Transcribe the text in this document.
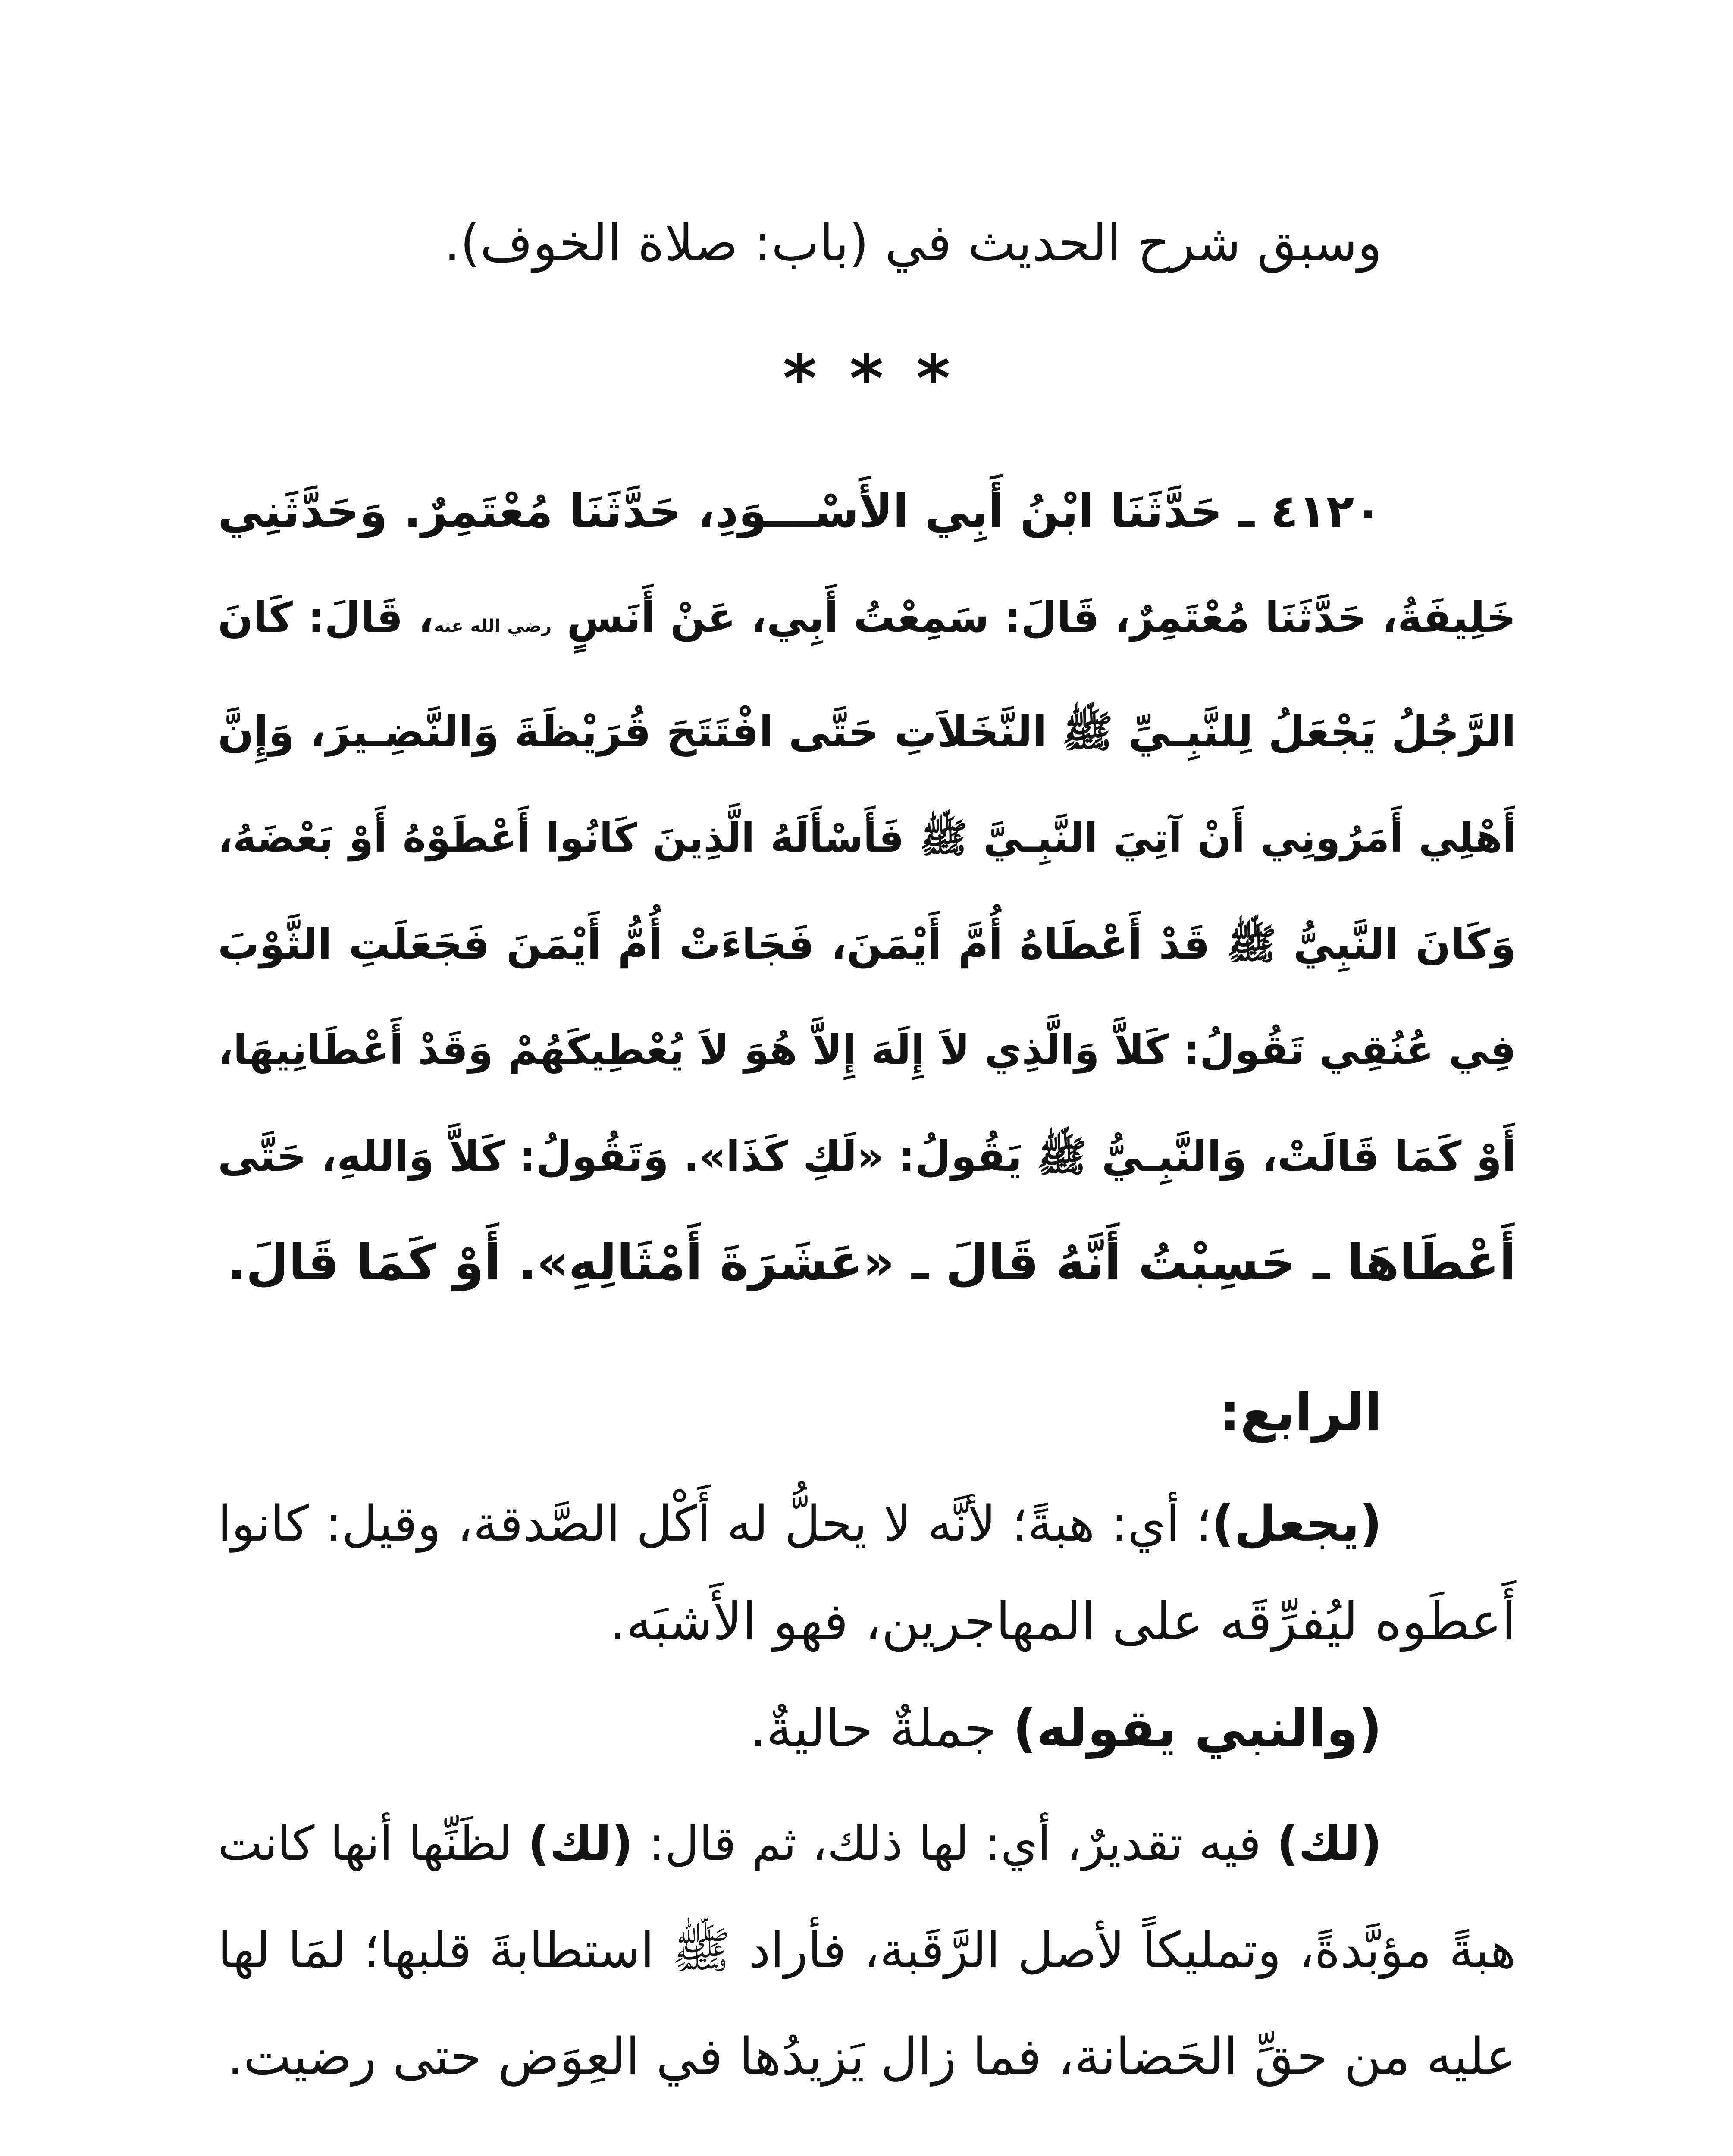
وسبق شرح الحديث في (باب: صلاة الخوف).

* * *
٤١٢٠ ـ حَدَّثَنَا ابْنُ أَبِي الأَسْـــوَدِ، حَدَّثَنَا مُعْتَمِرٌ. وَحَدَّثَنِي
خَلِيفَةُ، حَدَّثَنَا مُعْتَمِرٌ، قَالَ: سَمِعْتُ أَبِي، عَنْ أَنَسٍ رضي الله عنه، قَالَ: كَانَ
الرَّجُلُ يَجْعَلُ لِلنَّبِـيِّ ﷺ النَّخَلاَتِ حَتَّى افْتَتَحَ قُرَيْظَةَ وَالنَّضِـيرَ، وَإِنَّ
أَهْلِي أَمَرُونِي أَنْ آتِيَ النَّبِـيَّ ﷺ فَأَسْأَلَهُ الَّذِينَ كَانُوا أَعْطَوْهُ أَوْ بَعْضَهُ،
وَكَانَ النَّبِيُّ ﷺ قَدْ أَعْطَاهُ أُمَّ أَيْمَنَ، فَجَاءَتْ أُمُّ أَيْمَنَ فَجَعَلَتِ الثَّوْبَ
فِي عُنُقِي تَقُولُ: كَلاَّ وَالَّذِي لاَ إِلَهَ إِلاَّ هُوَ لاَ يُعْطِيكَهُمْ وَقَدْ أَعْطَانِيهَا،
أَوْ كَمَا قَالَتْ، وَالنَّبِـيُّ ﷺ يَقُولُ: «لَكِ كَذَا». وَتَقُولُ: كَلاَّ وَاللهِ، حَتَّى
أَعْطَاهَا ـ حَسِبْتُ أَنَّهُ قَالَ ـ «عَشَرَةَ أَمْثَالِهِ». أَوْ كَمَا قَالَ.

الرابع:

(يجعل)؛ أي: هبةً؛ لأنَّه لا يحلُّ له أَكْل الصَّدقة، وقيل: كانوا
أَعطَوه ليُفرِّقَه على المهاجرين، فهو الأَشبَه.
(والنبي يقوله) جملةٌ حاليةٌ.
(لك) فيه تقديرٌ، أي: لها ذلك، ثم قال: (لك) لظَنِّها أنها كانت
هبةً مؤبَّدةً، وتمليكاً لأصل الرَّقَبة، فأراد ﷺ استطابةَ قلبها؛ لمَا لها
عليه من حقِّ الحَضانة، فما زال يَزيدُها في العِوَض حتى رضيت.
